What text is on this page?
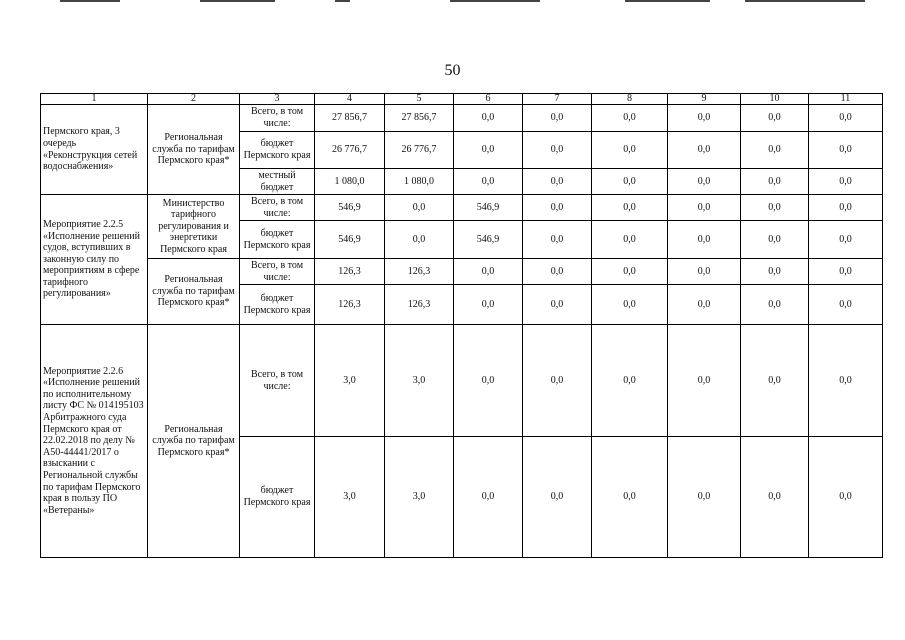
50
1	2	3	4	5	6	7	8	9	10	11
Пермского края, 3 очередь «Реконструкция сетей водоснабжения»	Региональная служба по тарифам Пермского края*	Всего, в том числе:	27 856,7	27 856,7	0,0	0,0	0,0	0,0	0,0	0,0
		бюджет Пермского края	26 776,7	26 776,7	0,0	0,0	0,0	0,0	0,0	0,0
		местный бюджет	1 080,0	1 080,0	0,0	0,0	0,0	0,0	0,0	0,0
Мероприятие 2.2.5 «Исполнение решений судов, вступивших в законную силу по мероприятиям в сфере тарифного регулирования»	Министерство тарифного регулирования и энергетики Пермского края	Всего, в том числе:	546,9	0,0	546,9	0,0	0,0	0,0	0,0	0,0
		бюджет Пермского края	546,9	0,0	546,9	0,0	0,0	0,0	0,0	0,0
	Региональная служба по тарифам Пермского края*	Всего, в том числе:	126,3	126,3	0,0	0,0	0,0	0,0	0,0	0,0
		бюджет Пермского края	126,3	126,3	0,0	0,0	0,0	0,0	0,0	0,0
Мероприятие 2.2.6 «Исполнение решений по исполнительному листу ФС № 014195103 Арбитражного суда Пермского края от 22.02.2018 по делу № А50-44441/2017 о взыскании с Региональной службы по тарифам Пермского края в пользу ПО «Ветераны»	Региональная служба по тарифам Пермского края*	Всего, в том числе:	3,0	3,0	0,0	0,0	0,0	0,0	0,0	0,0
		бюджет Пермского края	3,0	3,0	0,0	0,0	0,0	0,0	0,0	0,0
